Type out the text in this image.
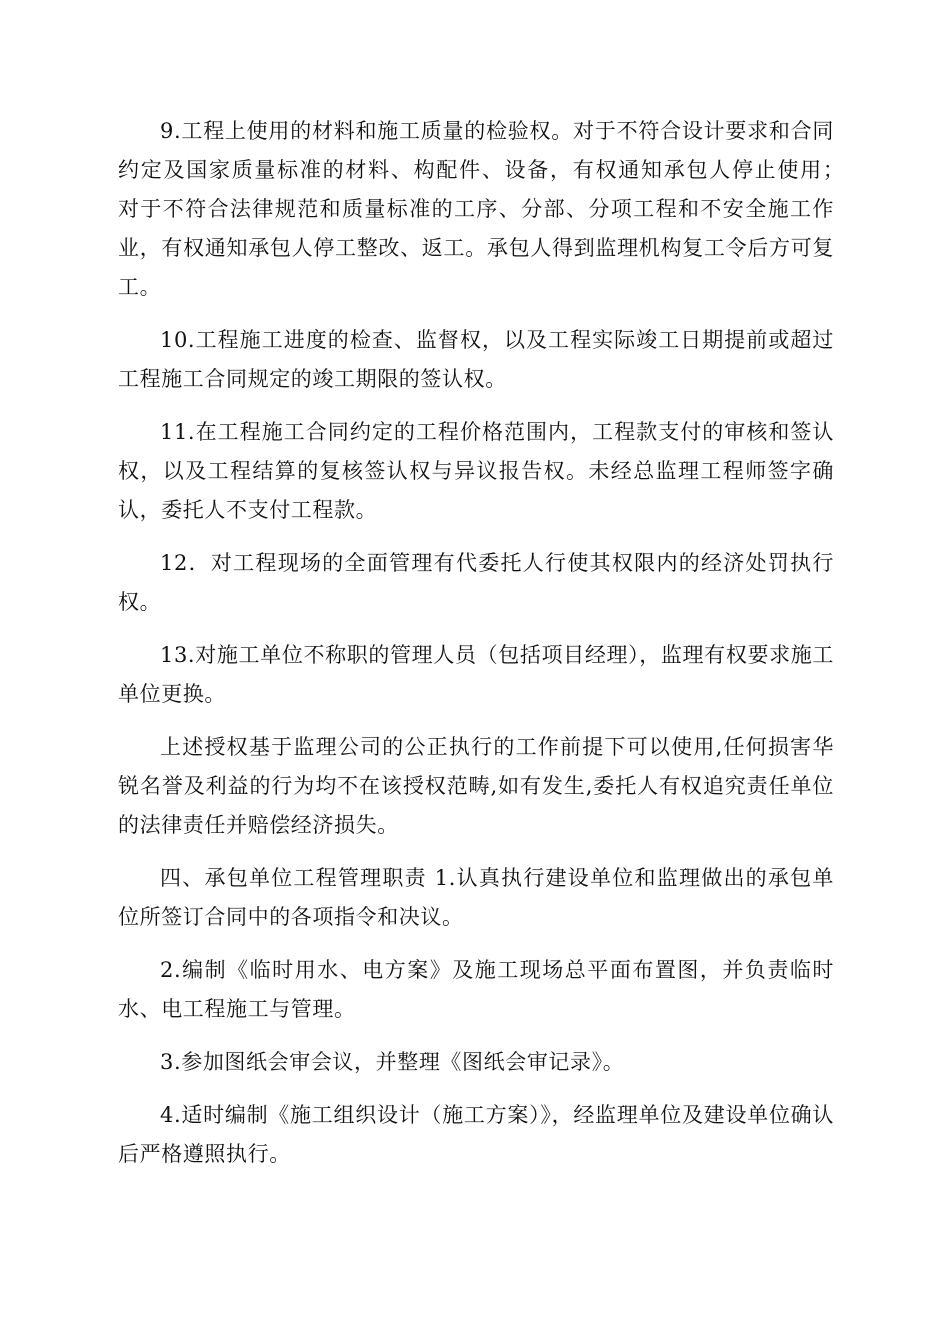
9.工程上使用的材料和施工质量的检验权。对于不符合设计要求和合同约定及国家质量标准的材料、构配件、设备，有权通知承包人停止使用；　对于不符合法律规范和质量标准的工序、分部、分项工程和不安全施工作业，有权通知承包人停工整改、返工。承包人得到监理机构复工令后方可复工。

10.工程施工进度的检查、监督权，以及工程实际竣工日期提前或超过工程施工合同规定的竣工期限的签认权。

11.在工程施工合同约定的工程价格范围内，工程款支付的审核和签认权，以及工程结算的复核签认权与异议报告权。未经总监理工程师签字确认，委托人不支付工程款。

12．对工程现场的全面管理有代委托人行使其权限内的经济处罚执行权。

13.对施工单位不称职的管理人员（包括项目经理），监理有权要求施工单位更换。

上述授权基于监理公司的公正执行的工作前提下可以使用,任何损害华锐名誉及利益的行为均不在该授权范畴,如有发生,委托人有权追究责任单位的法律责任并赔偿经济损失。

四、承包单位工程管理职责 1.认真执行建设单位和监理做出的承包单位所签订合同中的各项指令和决议。

2.编制《临时用水、电方案》及施工现场总平面布置图，并负责临时水、电工程施工与管理。

3.参加图纸会审会议，并整理《图纸会审记录》。

4.适时编制《施工组织设计（施工方案）》，经监理单位及建设单位确认后严格遵照执行。
